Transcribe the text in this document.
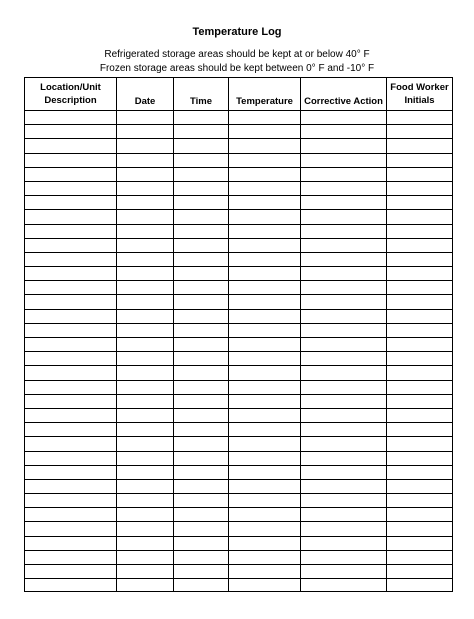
Temperature Log
Refrigerated storage areas should be kept at or below 40° F
Frozen storage areas should be kept between 0° F and -10° F
Location/Unit Description	Date	Time	Temperature	Corrective Action	Food Worker Initials
